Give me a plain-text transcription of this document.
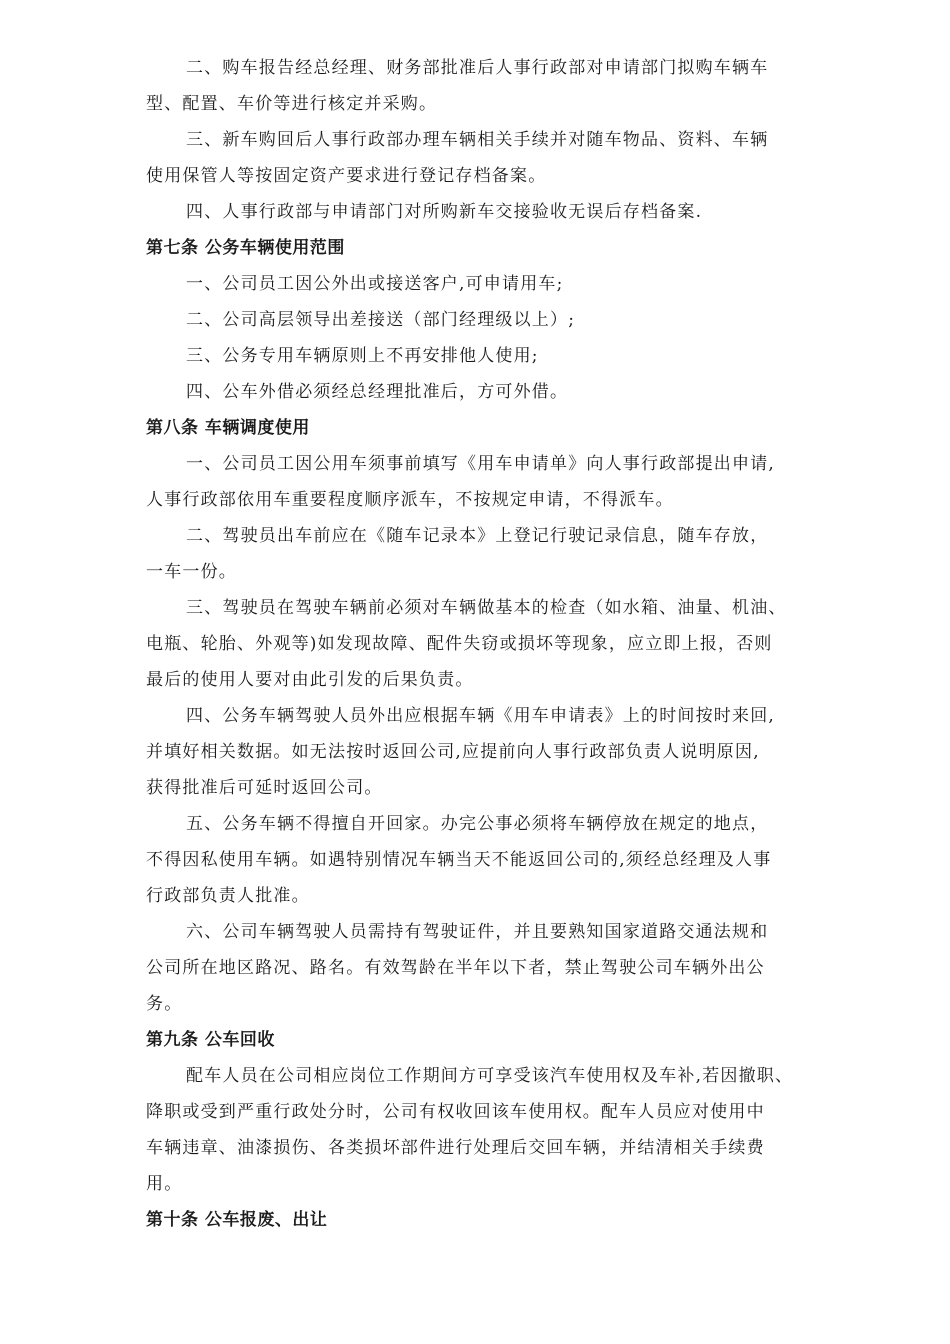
二、购车报告经总经理、财务部批准后人事行政部对申请部门拟购车辆车
型、配置、车价等进行核定并采购。
三、新车购回后人事行政部办理车辆相关手续并对随车物品、资料、车辆
使用保管人等按固定资产要求进行登记存档备案。
四、人事行政部与申请部门对所购新车交接验收无误后存档备案.
第七条 公务车辆使用范围
一、公司员工因公外出或接送客户,可申请用车;
二、公司高层领导出差接送（部门经理级以上）;
三、公务专用车辆原则上不再安排他人使用;
四、公车外借必须经总经理批准后，方可外借。
第八条 车辆调度使用
一、公司员工因公用车须事前填写《用车申请单》向人事行政部提出申请,
人事行政部依用车重要程度顺序派车，不按规定申请，不得派车。
二、驾驶员出车前应在《随车记录本》上登记行驶记录信息，随车存放，
一车一份。
三、驾驶员在驾驶车辆前必须对车辆做基本的检查（如水箱、油量、机油、
电瓶、轮胎、外观等)如发现故障、配件失窃或损坏等现象，应立即上报，否则
最后的使用人要对由此引发的后果负责。
四、公务车辆驾驶人员外出应根据车辆《用车申请表》上的时间按时来回,
并填好相关数据。如无法按时返回公司,应提前向人事行政部负责人说明原因,
获得批准后可延时返回公司。
五、公务车辆不得擅自开回家。办完公事必须将车辆停放在规定的地点，
不得因私使用车辆。如遇特别情况车辆当天不能返回公司的,须经总经理及人事
行政部负责人批准。
六、公司车辆驾驶人员需持有驾驶证件，并且要熟知国家道路交通法规和
公司所在地区路况、路名。有效驾龄在半年以下者，禁止驾驶公司车辆外出公
务。
第九条 公车回收
配车人员在公司相应岗位工作期间方可享受该汽车使用权及车补,若因撤职、
降职或受到严重行政处分时，公司有权收回该车使用权。配车人员应对使用中
车辆违章、油漆损伤、各类损坏部件进行处理后交回车辆，并结清相关手续费
用。
第十条 公车报废、出让
